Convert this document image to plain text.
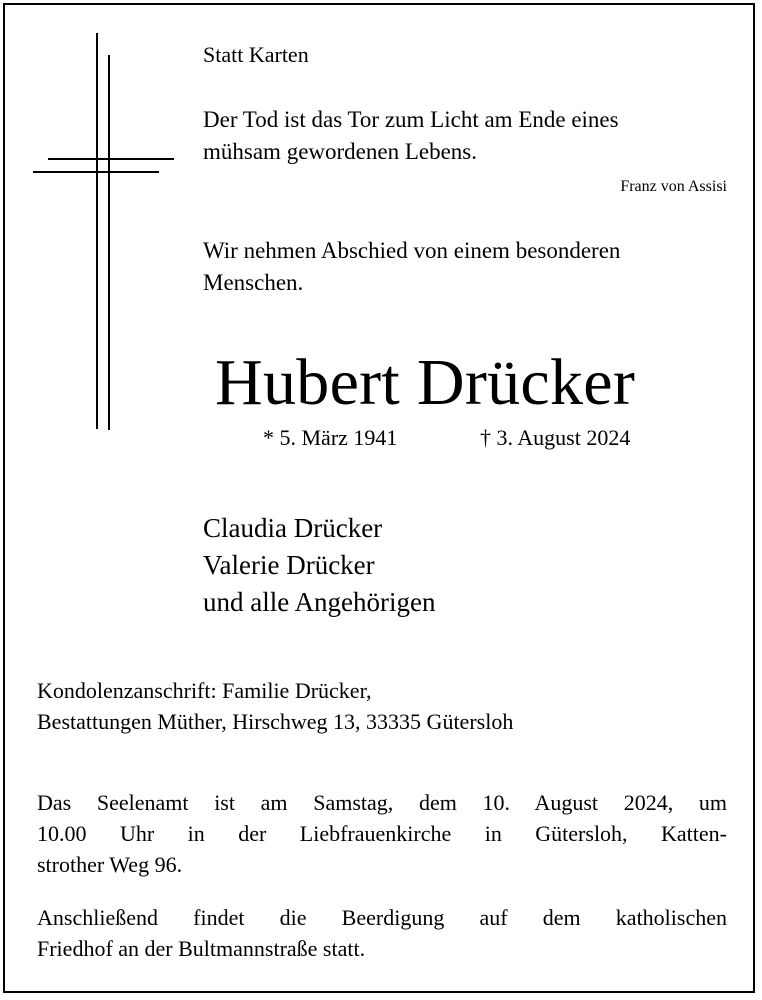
Statt Karten
Der Tod ist das Tor zum Licht am Ende eines
mühsam gewordenen Lebens.
Franz von Assisi
Wir nehmen Abschied von einem besonderen
Menschen.
Hubert Drücker
* 5. März 1941	† 3. August 2024
Claudia Drücker
Valerie Drücker
und alle Angehörigen
Kondolenzanschrift: Familie Drücker,
Bestattungen Müther, Hirschweg 13, 33335 Gütersloh
Das Seelenamt ist am Samstag, dem 10. August 2024, um
10.00 Uhr in der Liebfrauenkirche in Gütersloh, Katten-
strother Weg 96.
Anschließend findet die Beerdigung auf dem katholischen
Friedhof an der Bultmannstraße statt.
